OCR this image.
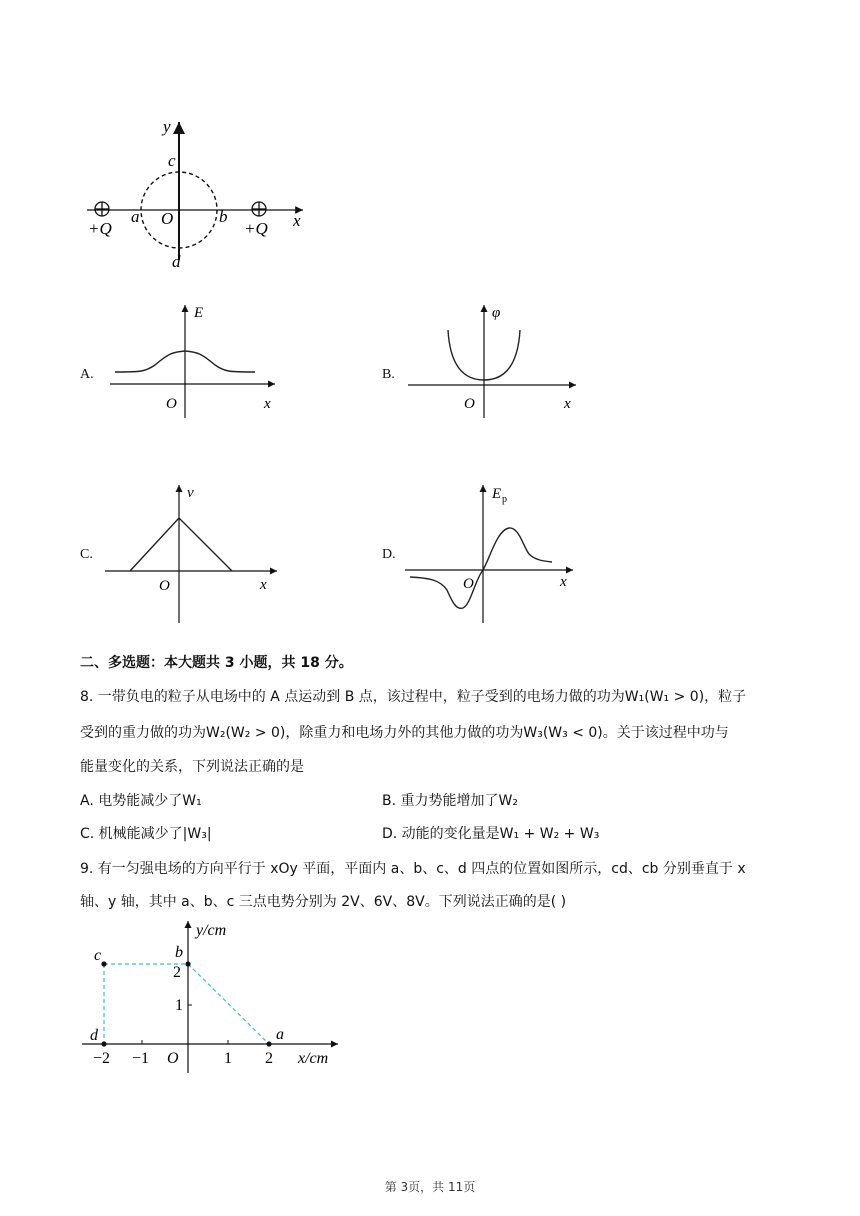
y
x
c
d
a	b
O
+Q	+Q
A.
E
x
O
B.
φ
x
O
C.
v
x
O
D.
E p
x
O
二、多选题：本大题共 3 小题，共 18 分。
8. 一带负电的粒子从电场中的 A 点运动到 B 点，该过程中，粒子受到的电场力做的功为W₁(W₁ > 0)，粒子
受到的重力做的功为W₂(W₂ > 0)，除重力和电场力外的其他力做的功为W₃(W₃ < 0)。关于该过程中功与
能量变化的关系，下列说法正确的是
A. 电势能减少了W₁	B. 重力势能增加了W₂
C. 机械能减少了|W₃|	D. 动能的变化量是W₁ + W₂ + W₃
9. 有一匀强电场的方向平行于 xOy 平面，平面内 a、b、c、d 四点的位置如图所示，cd、cb 分别垂直于 x
轴、y 轴，其中 a、b、c 三点电势分别为 2V、6V、8V。下列说法正确的是( )
y/cm
x/cm
O
−2 −1	1 2
1
2
c	b
d	a
第 3页，共 11页
